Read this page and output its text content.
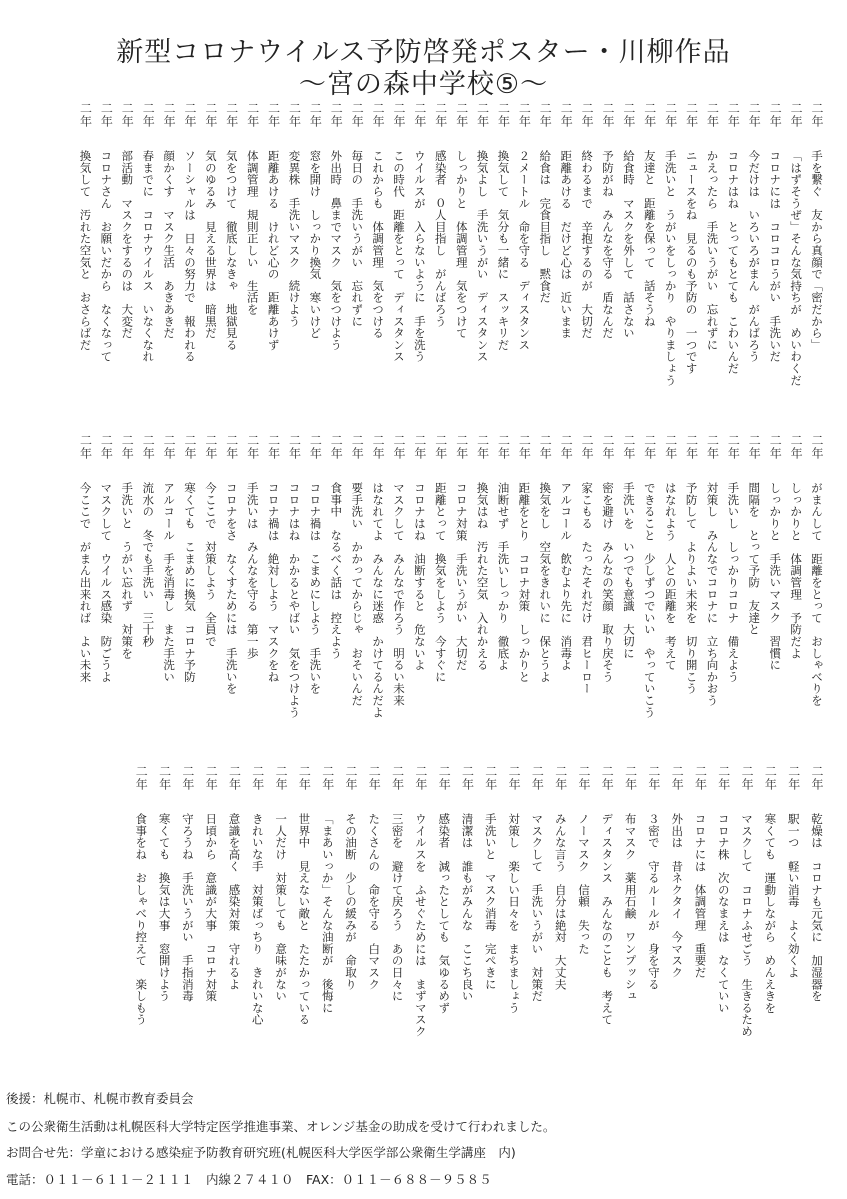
新型コロナウイルス予防啓発ポスター・川柳作品
〜宮の森中学校⑤〜
二年
手を繋ぐ　友から真顔で「密だから」
二年
「はずそうぜ」そんな気持ちが　めいわくだ
二年
コロナには　コロコロうがい　手洗いだ
二年
今だけは　いろいろがまん　がんばろう
二年
コロナはね　とってもとても　こわいんだ
二年
かえったら　手洗いうがい　忘れずに
二年
ニュースをね　見るのも予防の　一つです
二年
手洗いと　うがいをしっかり　やりましょう
二年
友達と　距離を保って　話そうね
二年
給食時　マスクを外して　話さない
二年
予防がね　みんなを守る　盾なんだ
二年
終わるまで　辛抱するのが　大切だ
二年
距離あける　だけど心は　近いまま
二年
給食は　完食目指し　黙食だ
二年
２メートル　命を守る　ディスタンス
二年
換気して　気分も一緒に　スッキリだ
二年
換気よし　手洗いうがい　ディスタンス
二年
しっかりと　体調管理　気をつけて
二年
感染者　０人目指し　がんばろう
二年
ウイルスが　入らないように　手を洗う
二年
この時代　距離をとって　ディスタンス
二年
これからも　体調管理　気をつける
二年
毎日の　手洗いうがい　忘れずに
二年
外出時　鼻までマスク　気をつけよう
二年
窓を開け　しっかり換気　寒いけど
二年
変異株　手洗いマスク　続けよう
二年
距離あける　けれど心の　距離あけず
二年
体調管理　規則正しい　生活を
二年
気をつけて　徹底しなきゃ　地獄見る
二年
気のゆるみ　見える世界は　暗黒だ
二年
ソーシャルは　日々の努力で　報われる
二年
顔かくす　マスク生活　あきあきだ
二年
春までに　コロナウイルス　いなくなれ
二年
部活動　マスクをするのは　大変だ
二年
コロナさん　お願いだから　なくなって
二年
換気して　汚れた空気と　おさらばだ
二年
がまんして　距離をとって　おしゃべりを
二年
しっかりと　体調管理　予防だよ
二年
しっかりと　手洗いマスク　習慣に
二年
間隔を　とって予防　友達と
二年
手洗いし　しっかりコロナ　備えよう
二年
対策し　みんなでコロナに　立ち向かおう
二年
予防して　よりよい未来を　切り開こう
二年
はなれよう　人との距離を　考えて
二年
できること　少しずつでいい　やっていこう
二年
手洗いを　いつでも意識　大切に
二年
密を避け　みんなの笑顔　取り戻そう
二年
家こもる　たったそれだけ　君ヒーロー
二年
アルコール　飲むより先に　消毒よ
二年
換気をし　空気をきれいに　保とうよ
二年
距離をとり　コロナ対策　しっかりと
二年
油断せず　手洗いしっかり　徹底よ
二年
換気はね　汚れた空気　入れかえる
二年
コロナ対策　手洗いうがい　大切だ
二年
距離とって　換気をしよう　今すぐに
二年
コロナはね　油断すると　危ないよ
二年
マスクして　みんなで作ろう　明るい未来
二年
はなれてよ　みんなに迷惑　かけてるんだよ
二年
要手洗い　かかってからじゃ　おそいんだ
二年
食事中　なるべく話は　控えよう
二年
コロナ禍は　こまめにしよう　手洗いを
二年
コロナはね　かかるとやばい　気をつけよう
二年
コロナ禍は　絶対しよう　マスクをね
二年
手洗いは　みんなを守る　第一歩
二年
コロナをさ　なくすためには　手洗いを
二年
今ここで　対策しよう　全員で
二年
寒くても　こまめに換気　コロナ予防
二年
アルコール　手を消毒し　また手洗い
二年
流水の　冬でも手洗い　三十秒
二年
手洗いと　うがい忘れず　対策を
二年
マスクして　ウイルス感染　防ごうよ
二年
今ここで　がまん出来れば　よい未来
二年
乾燥は　コロナも元気に　加湿器を
二年
駅一つ　軽い消毒　よく効くよ
二年
寒くても　運動しながら　めんえきを
二年
マスクして　コロナふせごう　生きるため
二年
コロナ株　次のなまえは　なくていい
二年
コロナには　体調管理　重要だ
二年
外出は　昔ネクタイ　今マスク
二年
３密で　守るルールが　身を守る
二年
布マスク　薬用石鹸　ワンプッシュ
二年
ディスタンス　みんなのことも　考えて
二年
ノーマスク　信頼　失った
二年
みんな言う　自分は絶対　大丈夫
二年
マスクして　手洗いうがい　対策だ
二年
対策し　楽しい日々を　まちましょう
二年
手洗いと　マスク消毒　完ぺきに
二年
清潔は　誰もがみんな　ここち良い
二年
感染者　減ったとしても　気ゆるめず
二年
ウイルスを　ふせぐためには　まずマスク
二年
三密を　避けて戻ろう　あの日々に
二年
たくさんの　命を守る　白マスク
二年
その油断　少しの緩みが　命取り
二年
「まあいっか」そんな油断が　後悔に
二年
世界中　見えない敵と　たたかっている
二年
一人だけ　対策しても　意味がない
二年
きれいな手　対策ばっちり　きれいな心
二年
意識を高く　感染対策　守れるよ
二年
日頃から　意識が大事　コロナ対策
二年
守ろうね　手洗いうがい　手指消毒
二年
寒くても　換気は大事　窓開けよう
二年
食事をね　おしゃべり控えて　楽しもう
後援：札幌市、札幌市教育委員会
この公衆衛生活動は札幌医科大学特定医学推進事業、オレンジ基金の助成を受けて行われました。
お問合せ先：学童における感染症予防教育研究班(札幌医科大学医学部公衆衛生学講座　内)
電話：０１１－６１１－２１１１　内線２７４１０　FAX：０１１－６８８－９５８５
